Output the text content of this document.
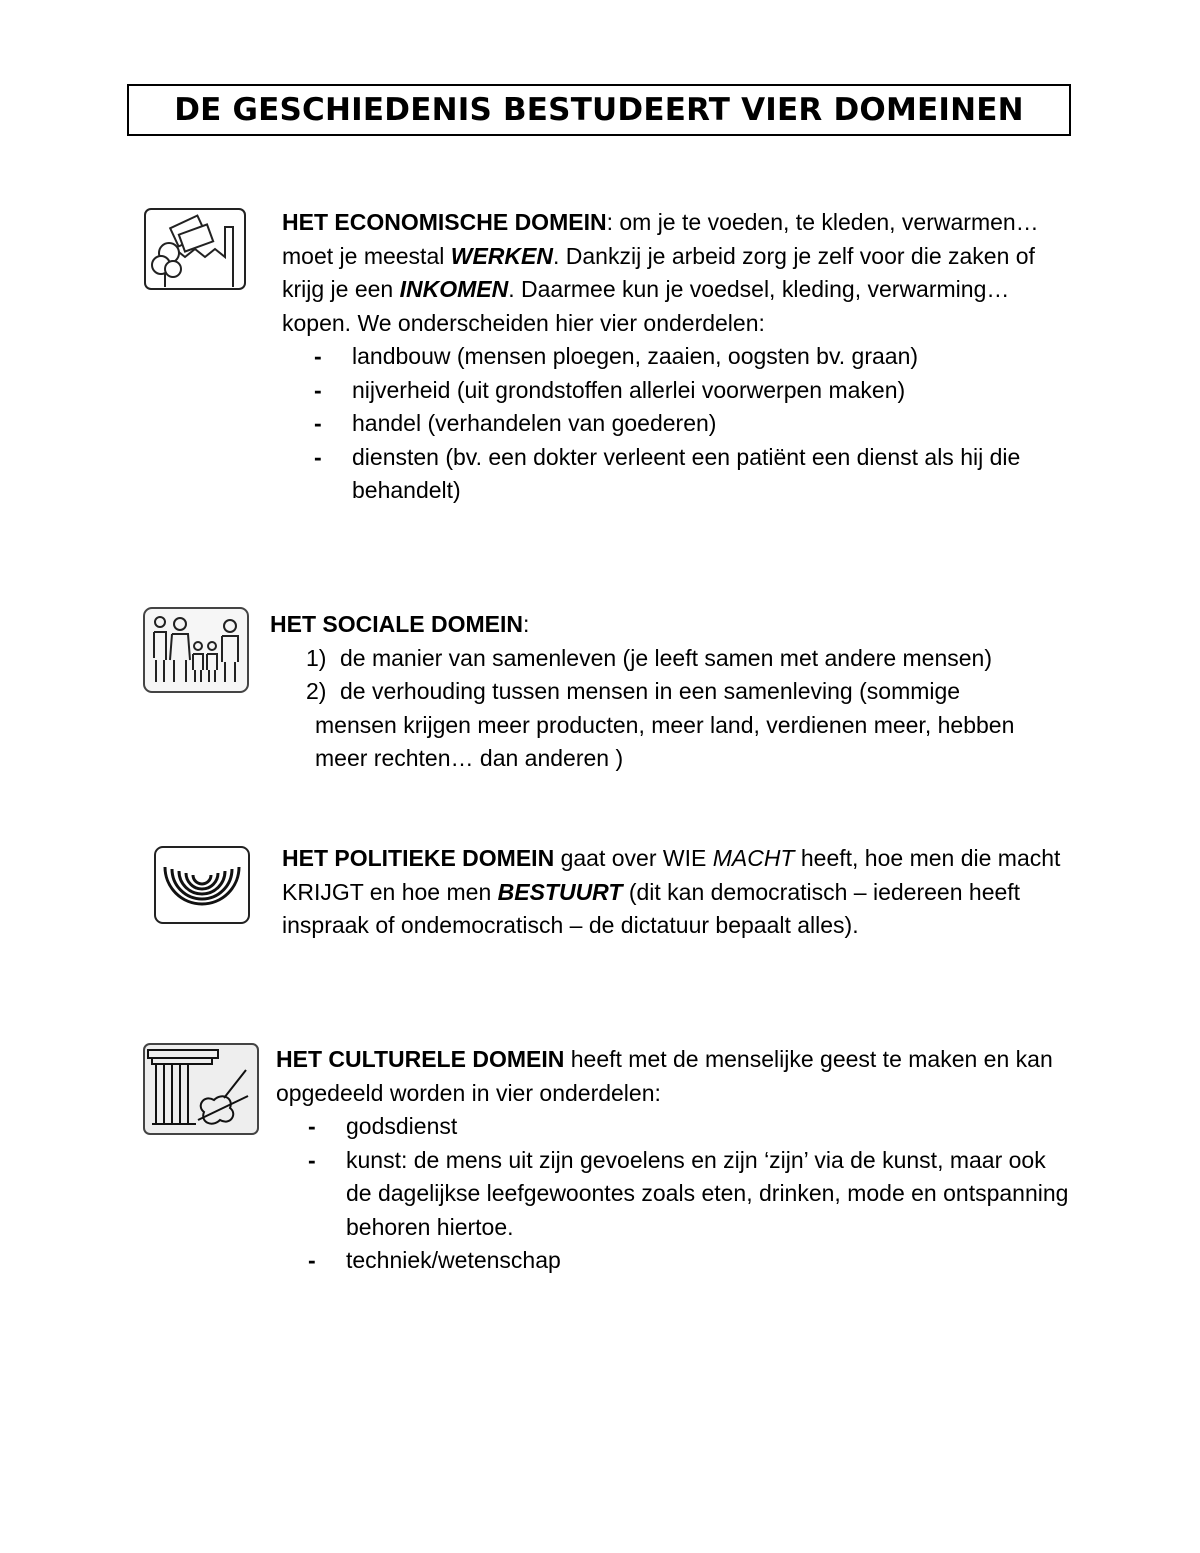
DE GESCHIEDENIS BESTUDEERT VIER DOMEINEN
HET ECONOMISCHE DOMEIN: om je te voeden, te kleden, verwarmen… moet je meestal WERKEN. Dankzij je arbeid zorg je zelf voor die zaken of krijg je een INKOMEN. Daarmee kun je voedsel, kleding, verwarming… kopen. We onderscheiden hier vier onderdelen:
- landbouw (mensen ploegen, zaaien, oogsten bv. graan)
- nijverheid (uit grondstoffen allerlei voorwerpen maken)
- handel (verhandelen van goederen)
- diensten (bv. een dokter verleent een patiënt een dienst als hij die behandelt)
HET SOCIALE DOMEIN:
1) de manier van samenleven (je leeft samen met andere mensen)
2) de verhouding tussen mensen in een samenleving (sommige
mensen krijgen meer producten, meer land, verdienen meer, hebben meer rechten… dan anderen )
HET POLITIEKE DOMEIN gaat over WIE MACHT heeft, hoe men die macht KRIJGT en hoe men BESTUURT (dit kan democratisch – iedereen heeft inspraak of ondemocratisch – de dictatuur bepaalt alles).
HET CULTURELE DOMEIN heeft met de menselijke geest te maken en kan opgedeeld worden in vier onderdelen:
- godsdienst
- kunst: de mens uit zijn gevoelens en zijn ‘zijn’ via de kunst, maar ook de dagelijkse leefgewoontes zoals eten, drinken, mode en ontspanning behoren hiertoe.
- techniek/wetenschap
